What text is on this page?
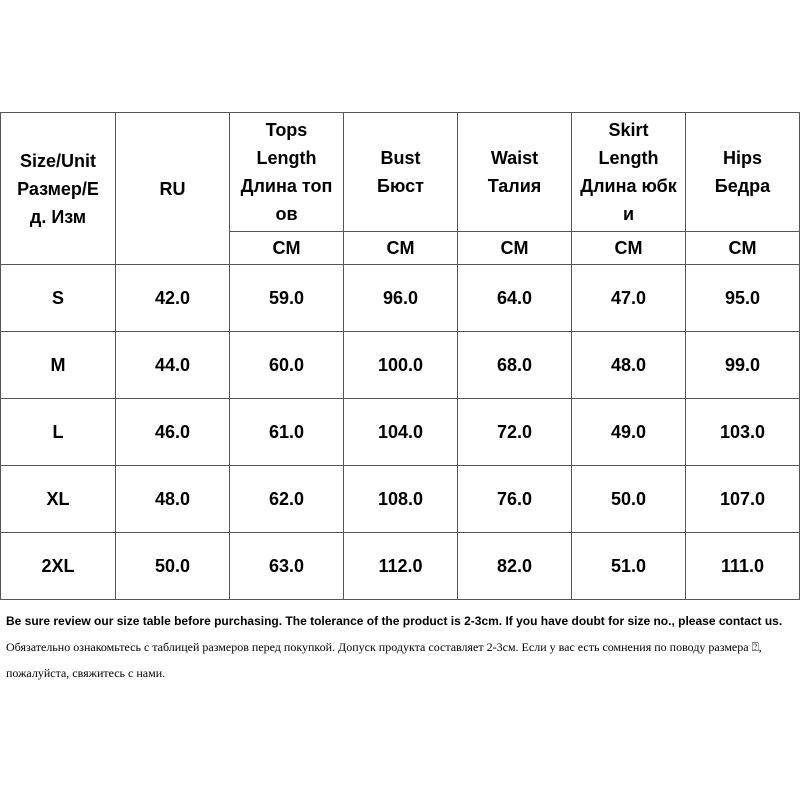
Size/Unit
Размер/Е
д. Изм	RU	Tops
Length
Длина топ
ов	Bust
Бюст	Waist
Талия	Skirt
Length
Длина юбк
и	Hips
Бедра
		CM	CM	CM	CM	CM
S	42.0	59.0	96.0	64.0	47.0	95.0
M	44.0	60.0	100.0	68.0	48.0	99.0
L	46.0	61.0	104.0	72.0	49.0	103.0
XL	48.0	62.0	108.0	76.0	50.0	107.0
2XL	50.0	63.0	112.0	82.0	51.0	111.0

Be sure review our size table before purchasing. The tolerance of the product is 2-3cm. If you have doubt for size no., please contact us.

Обязательно ознакомьтесь с таблицей размеров перед покупкой. Допуск продукта составляет 2-3см. Если у вас есть сомнения по поводу размера ⍰, пожалуйста, свяжитесь с нами.
